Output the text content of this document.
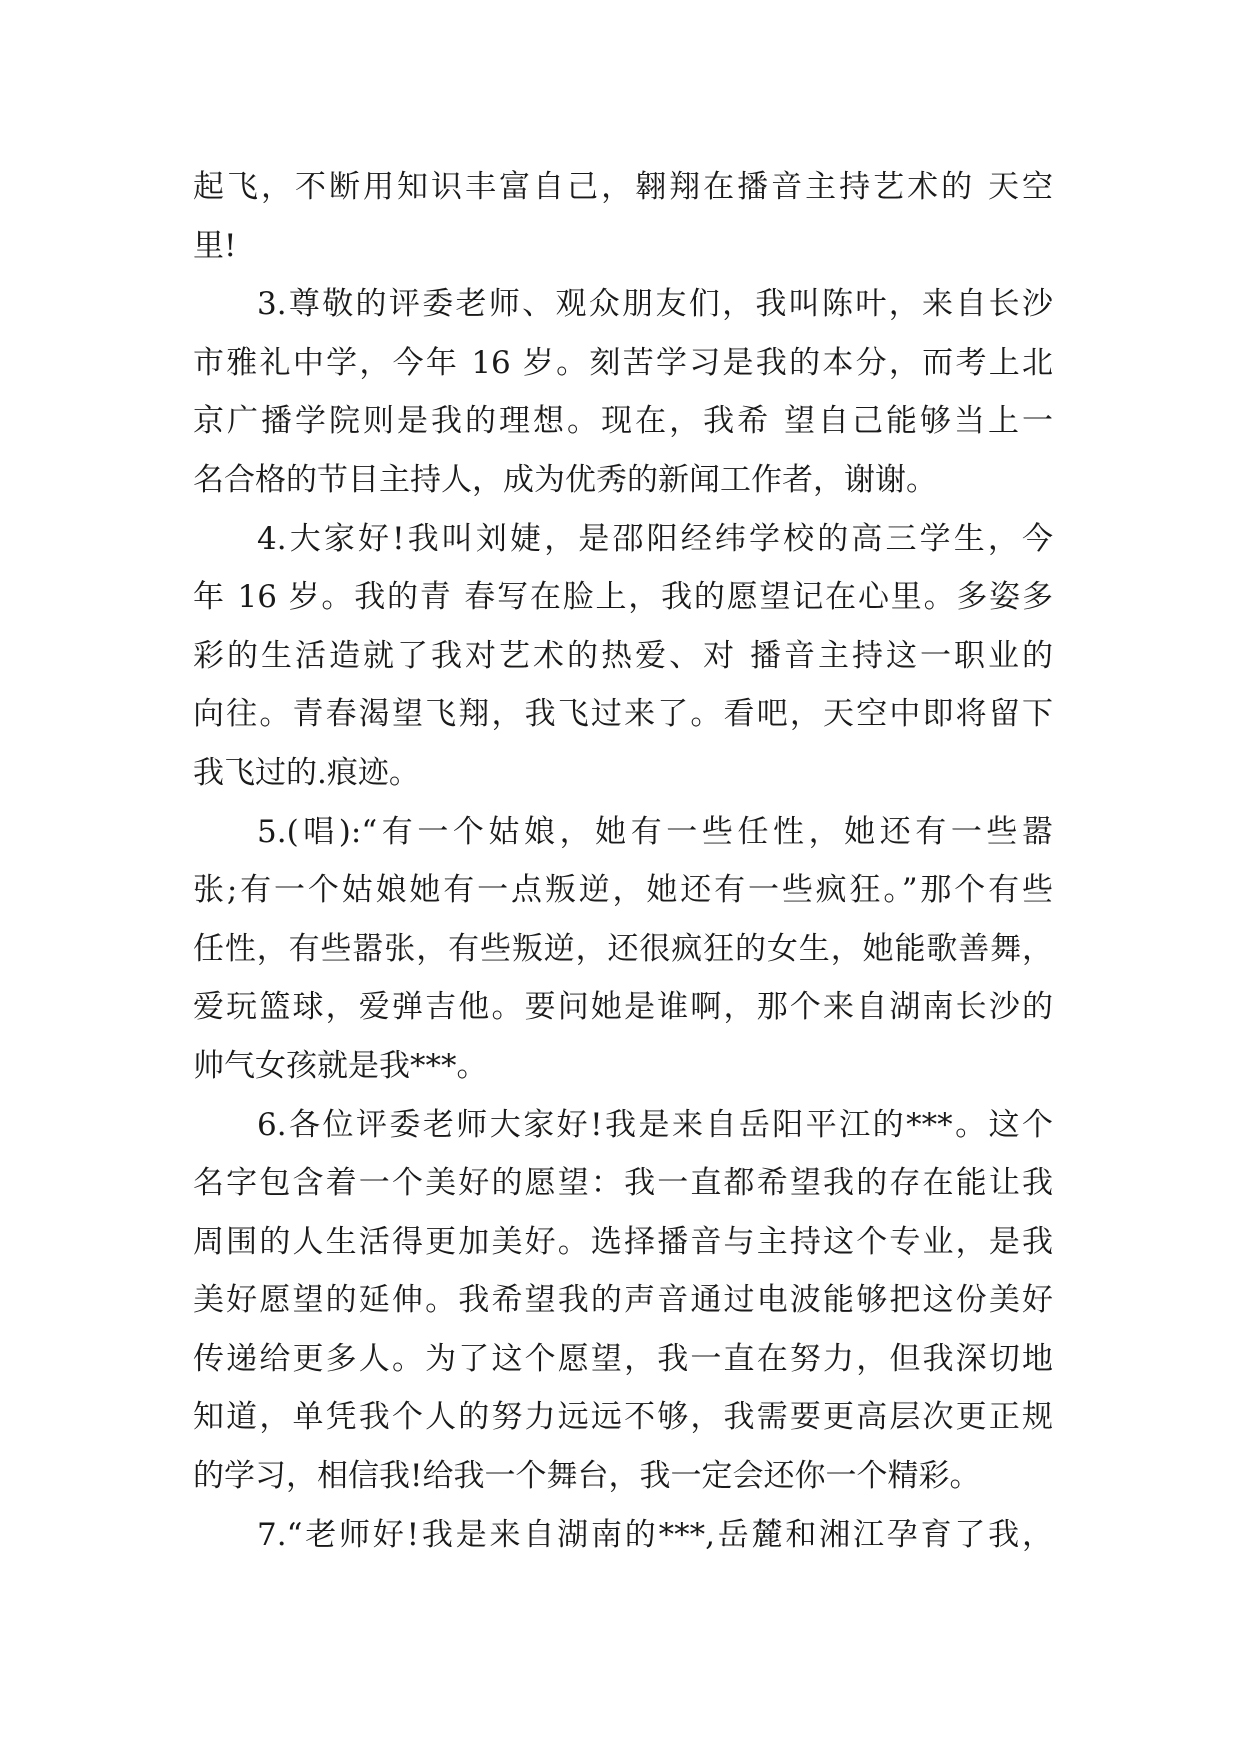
起飞，不断用知识丰富自己，翱翔在播音主持艺术的 天空
里!
3.尊敬的评委老师、观众朋友们，我叫陈叶，来自长沙
市雅礼中学，今年 16 岁。刻苦学习是我的本分，而考上北
京广播学院则是我的理想。现在，我希 望自己能够当上一
名合格的节目主持人，成为优秀的新闻工作者，谢谢。
4.大家好!我叫刘婕，是邵阳经纬学校的高三学生，今
年 16 岁。我的青 春写在脸上，我的愿望记在心里。多姿多
彩的生活造就了我对艺术的热爱、对 播音主持这一职业的
向往。青春渴望飞翔，我飞过来了。看吧，天空中即将留下
我飞过的.痕迹。
5.(唱):“有一个姑娘，她有一些任性，她还有一些嚣
张;有一个姑娘她有一点叛逆，她还有一些疯狂。”那个有些
任性，有些嚣张，有些叛逆，还很疯狂的女生，她能歌善舞，
爱玩篮球，爱弹吉他。要问她是谁啊，那个来自湖南长沙的
帅气女孩就是我***。
6.各位评委老师大家好!我是来自岳阳平江的***。这个
名字包含着一个美好的愿望：我一直都希望我的存在能让我
周围的人生活得更加美好。选择播音与主持这个专业，是我
美好愿望的延伸。我希望我的声音通过电波能够把这份美好
传递给更多人。为了这个愿望，我一直在努力，但我深切地
知道，单凭我个人的努力远远不够，我需要更高层次更正规
的学习，相信我!给我一个舞台，我一定会还你一个精彩。
7.“老师好!我是来自湖南的***,岳麓和湘江孕育了我，
